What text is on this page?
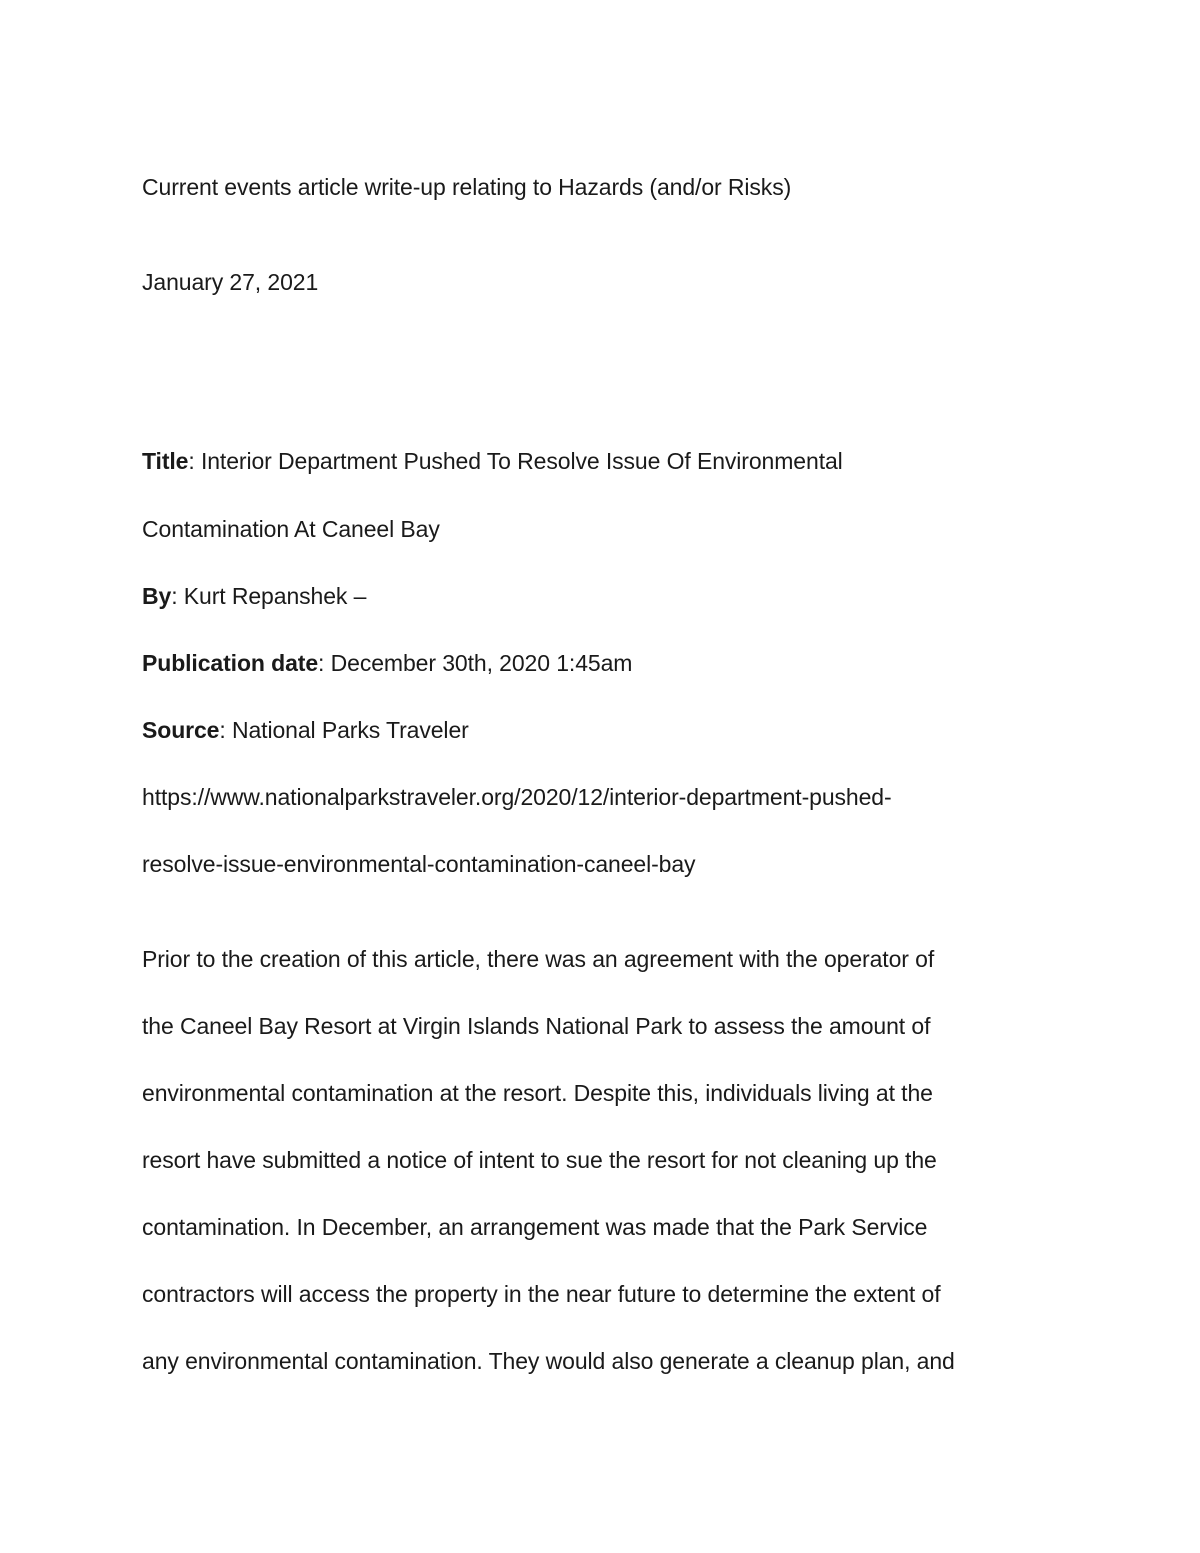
Current events article write-up relating to Hazards (and/or Risks)
January 27, 2021
Title: Interior Department Pushed To Resolve Issue Of Environmental
Contamination At Caneel Bay
By: Kurt Repanshek –
Publication date: December 30th, 2020 1:45am
Source: National Parks Traveler
https://www.nationalparkstraveler.org/2020/12/interior-department-pushed-
resolve-issue-environmental-contamination-caneel-bay
Prior to the creation of this article, there was an agreement with the operator of
the Caneel Bay Resort at Virgin Islands National Park to assess the amount of
environmental contamination at the resort. Despite this, individuals living at the
resort have submitted a notice of intent to sue the resort for not cleaning up the
contamination. In December, an arrangement was made that the Park Service
contractors will access the property in the near future to determine the extent of
any environmental contamination. They would also generate a cleanup plan, and
